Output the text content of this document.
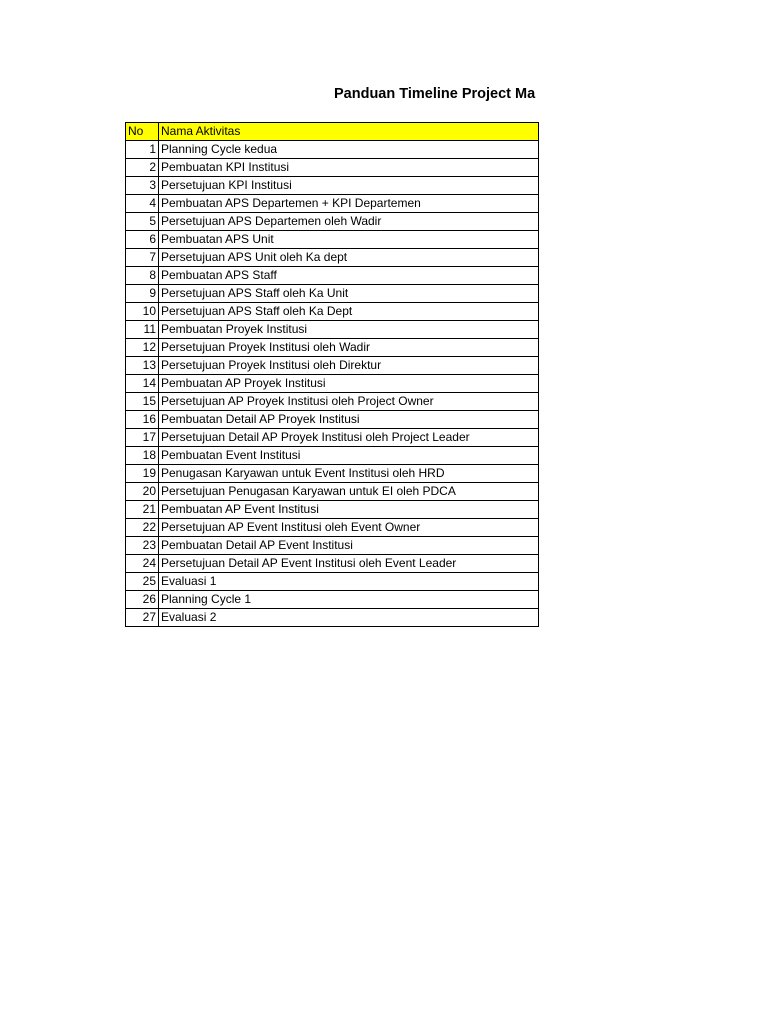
Panduan Timeline Project Ma
No	Nama Aktivitas
1	Planning Cycle kedua
2	Pembuatan KPI Institusi
3	Persetujuan KPI Institusi
4	Pembuatan APS Departemen + KPI Departemen
5	Persetujuan APS Departemen oleh Wadir
6	Pembuatan APS Unit
7	Persetujuan APS Unit oleh Ka dept
8	Pembuatan APS Staff
9	Persetujuan APS Staff oleh Ka Unit
10	Persetujuan APS Staff oleh Ka Dept
11	Pembuatan Proyek Institusi
12	Persetujuan Proyek Institusi oleh Wadir
13	Persetujuan Proyek Institusi oleh Direktur
14	Pembuatan AP Proyek Institusi
15	Persetujuan AP Proyek Institusi oleh Project Owner
16	Pembuatan Detail AP Proyek Institusi
17	Persetujuan Detail AP Proyek Institusi oleh Project Leader
18	Pembuatan Event Institusi
19	Penugasan Karyawan untuk Event Institusi oleh HRD
20	Persetujuan Penugasan Karyawan untuk EI oleh PDCA
21	Pembuatan AP Event Institusi
22	Persetujuan AP Event Institusi oleh Event Owner
23	Pembuatan Detail AP Event Institusi
24	Persetujuan Detail AP Event Institusi oleh Event Leader
25	Evaluasi 1
26	Planning Cycle 1
27	Evaluasi 2
